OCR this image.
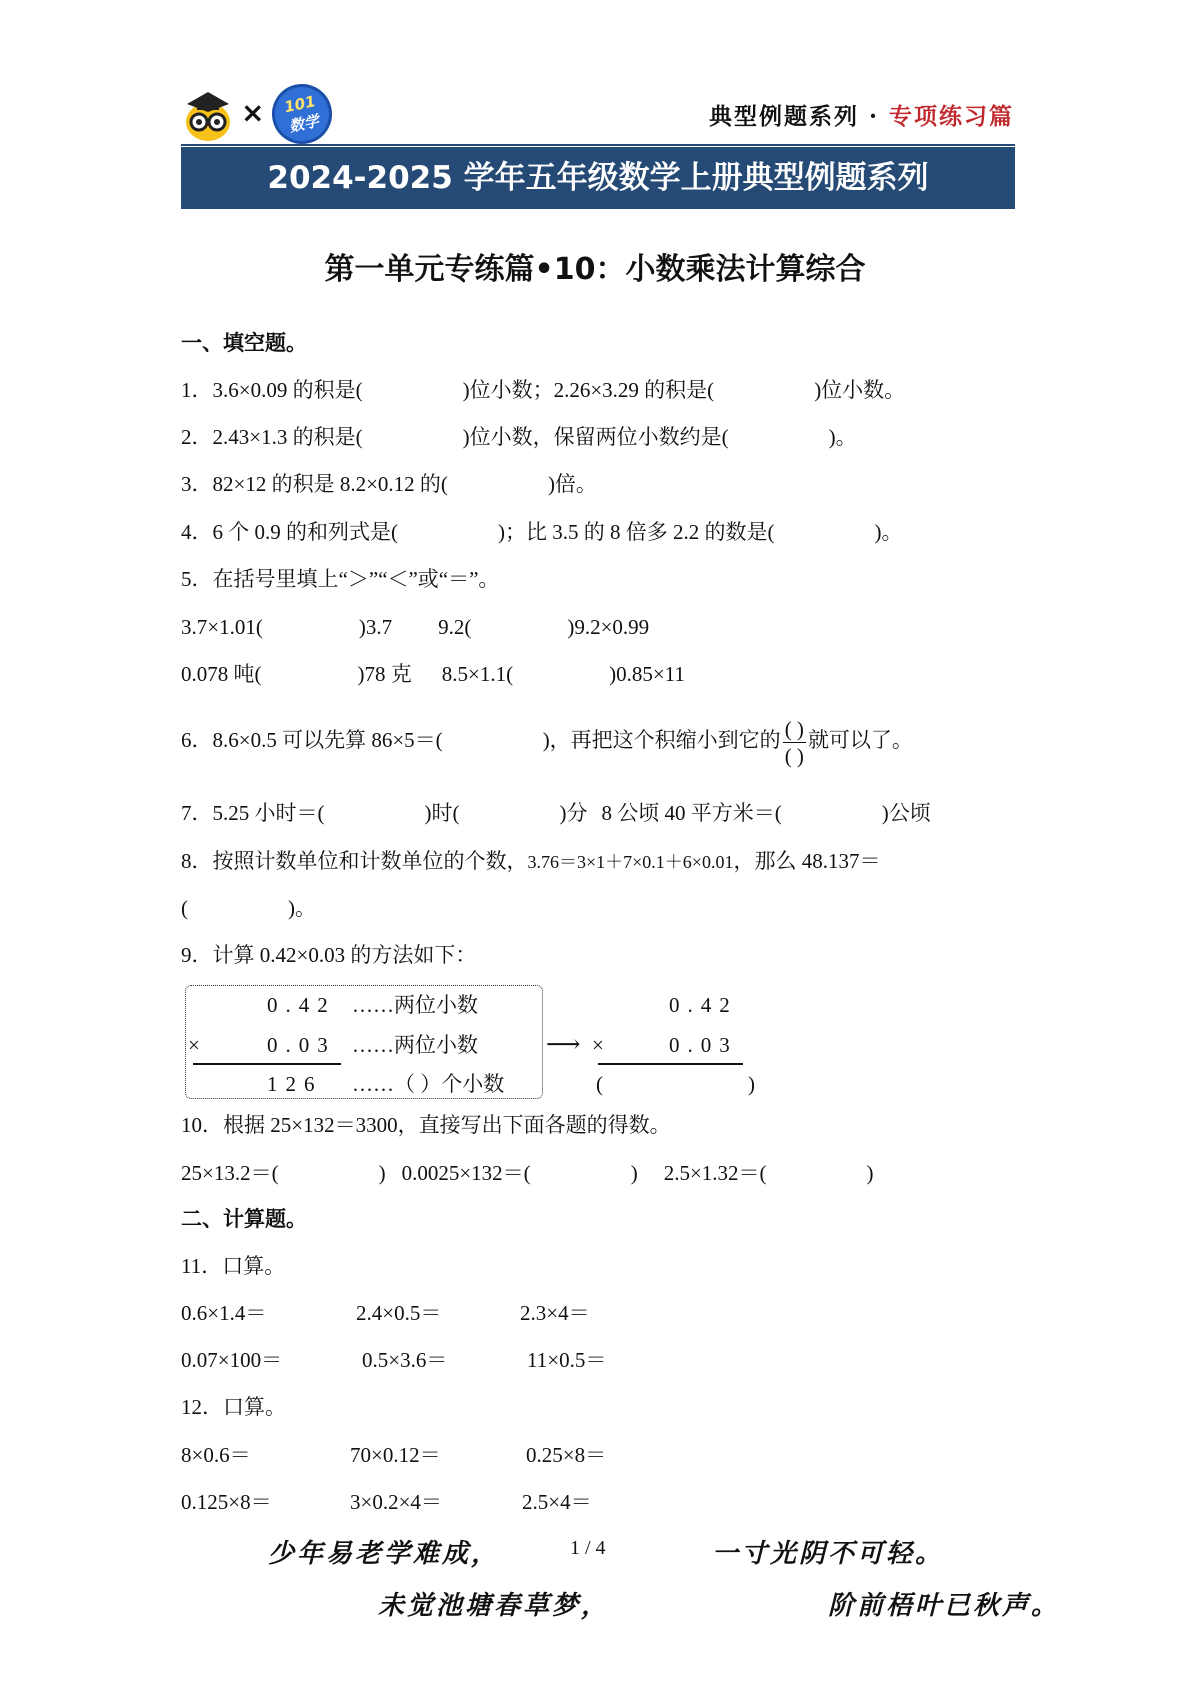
×	101
数学	典型例题系列 · 专项练习篇
2024-2025 学年五年级数学上册典型例题系列
第一单元专练篇•10：小数乘法计算综合
一、填空题。
1．3.6×0.09 的积是(	)位小数；2.26×3.29 的积是(	)位小数。
2．2.43×1.3 的积是(	)位小数，保留两位小数约是(	)。
3．82×12 的积是 8.2×0.12 的(	)倍。
4．6 个 0.9 的和列式是(	)；比 3.5 的 8 倍多 2.2 的数是(	)。
5．在括号里填上“＞”“＜”或“＝”。
3.7×1.01(	)3.7 9.2(	)9.2×0.99
0.078 吨(	)78 克 8.5×1.1(	)0.85×11
6．8.6×0.5 可以先算 86×5＝(	)，再把这个积缩小到它的 $\frac{( )}{( )}$ 就可以了。
7．5.25 小时＝(	)时(	)分 8 公顷 40 平方米＝(	)公顷
8．按照计数单位和计数单位的个数，3.76＝3×1＋7×0.1＋6×0.01，那么 48.137＝
(	)。
9．计算 0.42×0.03 的方法如下：
0.42 ……两位小数
×	0.03 ……两位小数
126 ……（ ）个小数
⟶
0.42
×	0.03
(	)
10．根据 25×132＝3300，直接写出下面各题的得数。
25×13.2＝(	) 0.0025×132＝(	) 2.5×1.32＝(	)
二、计算题。
11．口算。
0.6×1.4＝	2.4×0.5＝	2.3×4＝
0.07×100＝	0.5×3.6＝	11×0.5＝
12．口算。
8×0.6＝	70×0.12＝	0.25×8＝
0.125×8＝	3×0.2×4＝	2.5×4＝
少年易老学难成，	1 / 4	一寸光阴不可轻。
未觉池塘春草梦，	阶前梧叶已秋声。
